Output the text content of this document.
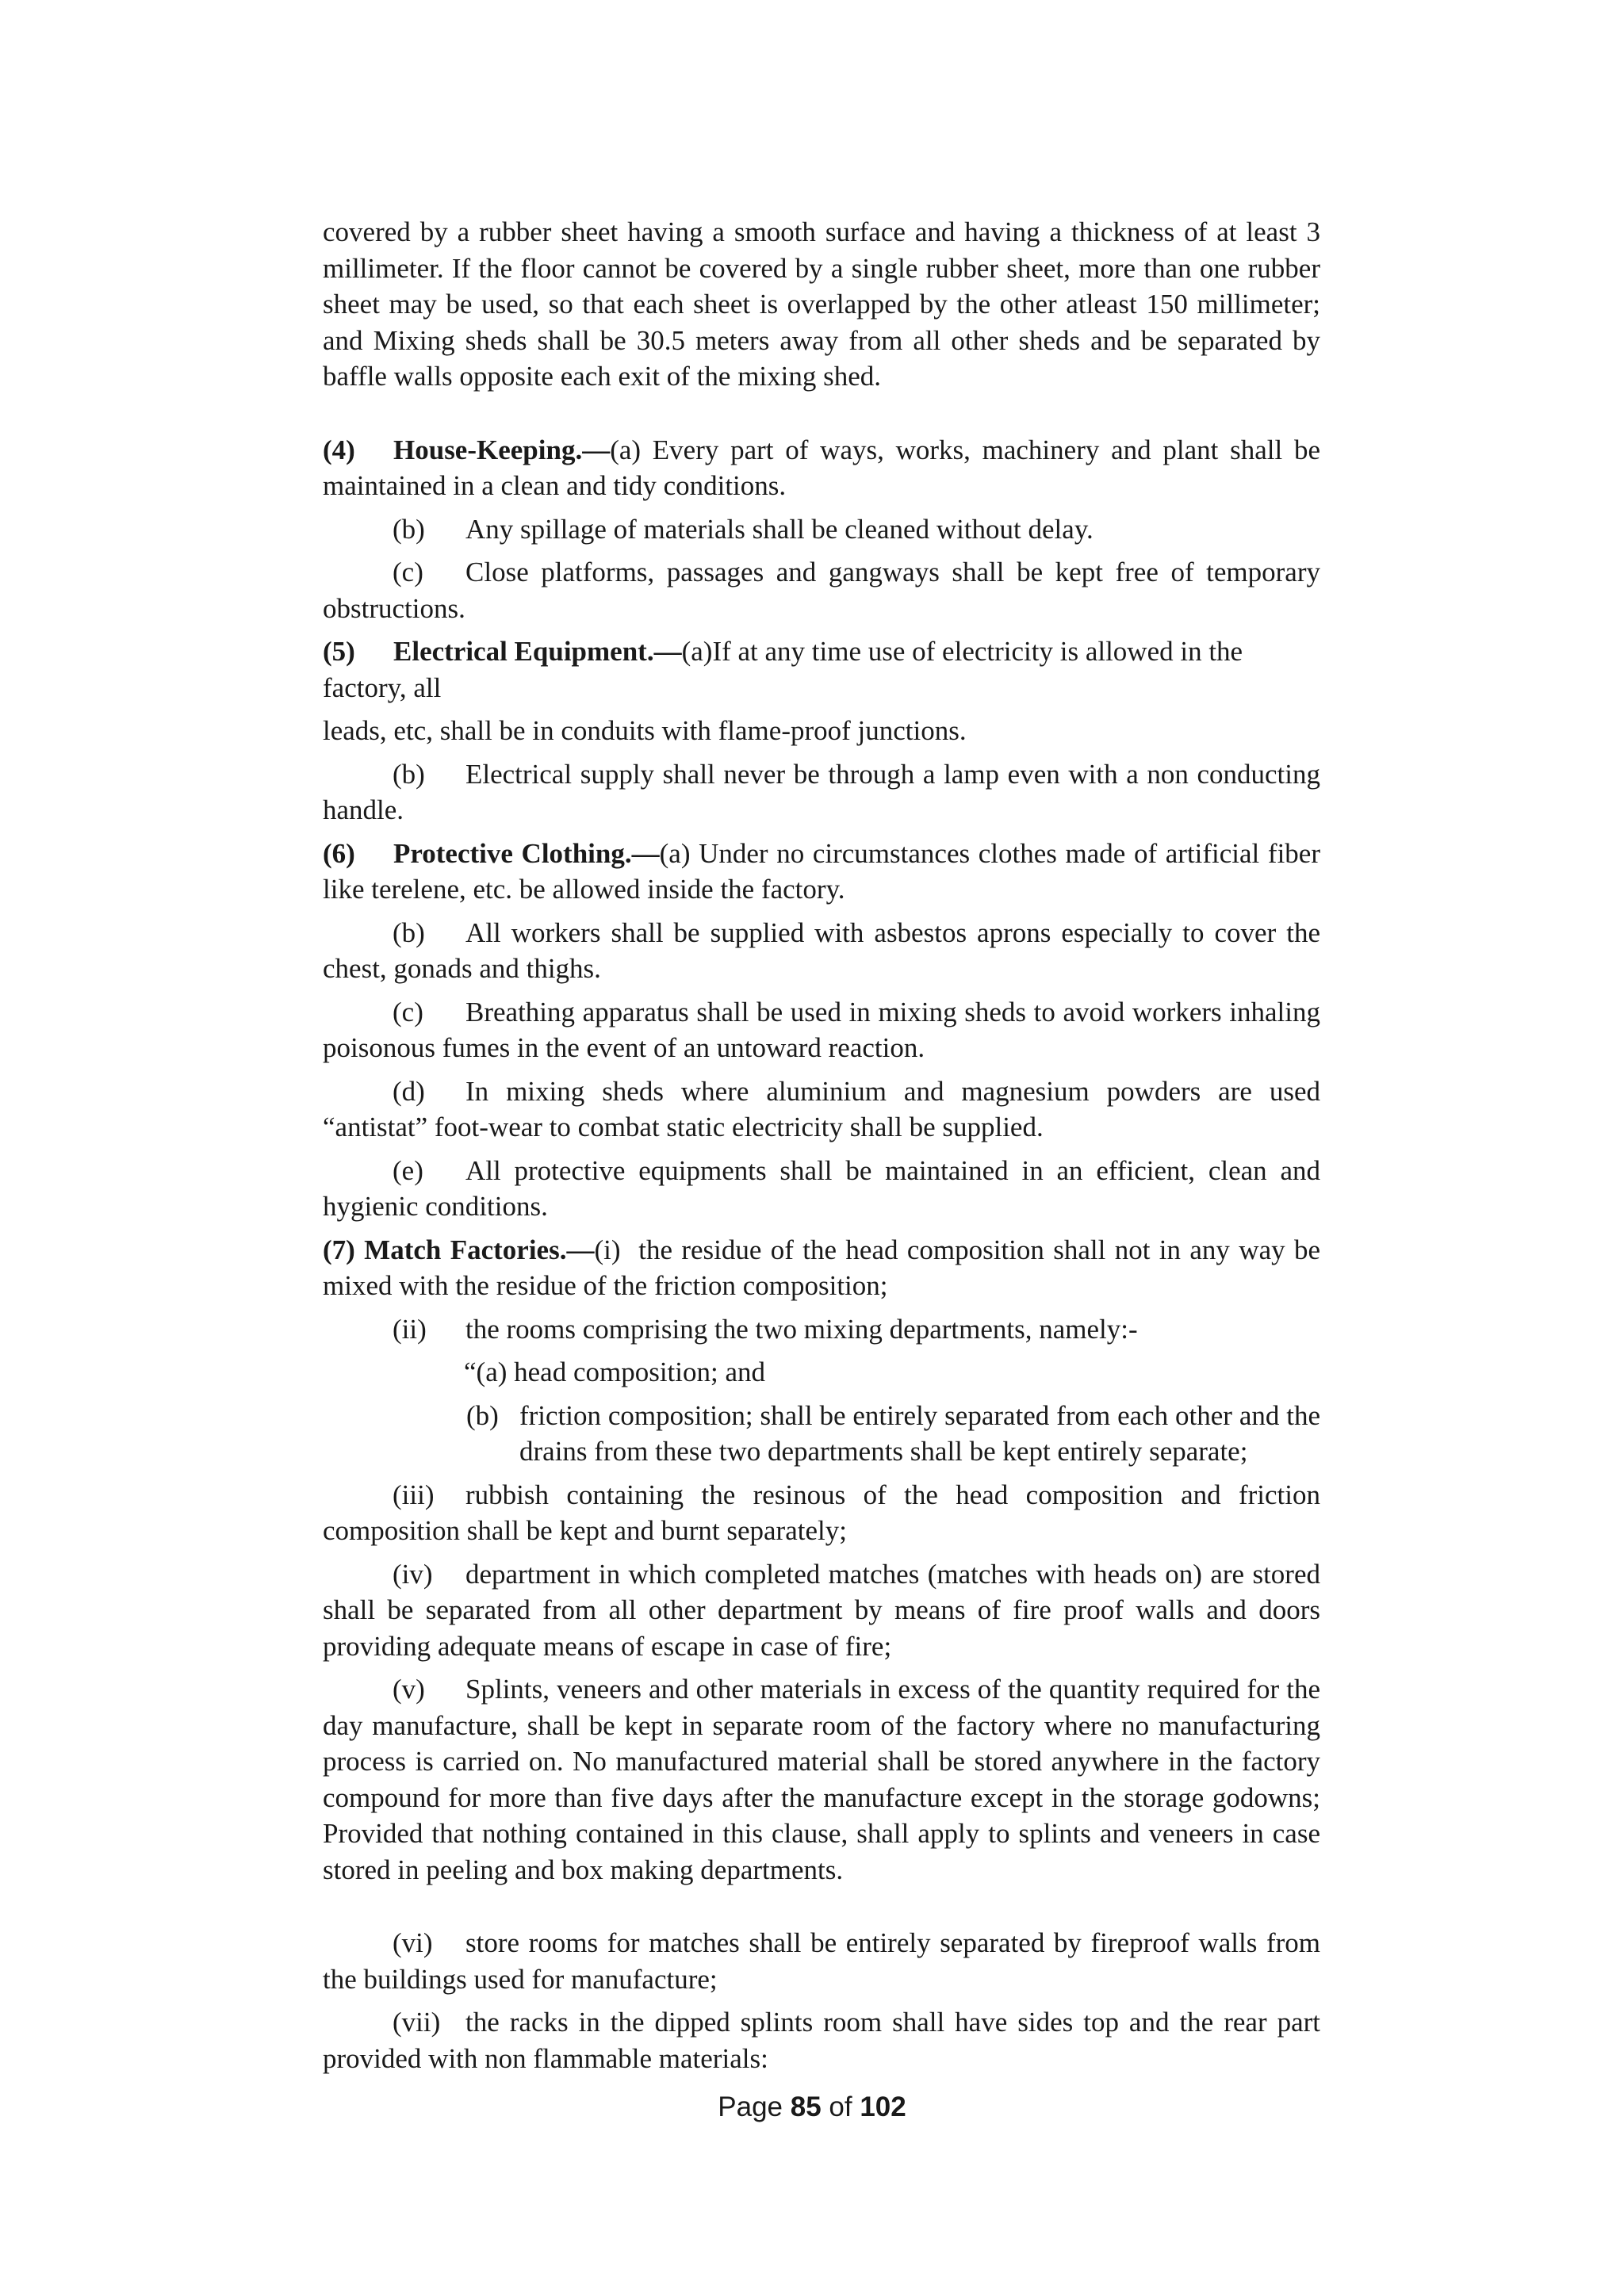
covered by a rubber sheet having a smooth surface and having a thickness of at least 3 millimeter. If the floor cannot be covered by a single rubber sheet, more than one rubber sheet may be used, so that each sheet is overlapped by the other atleast 150 millimeter; and Mixing sheds shall be 30.5 meters away from all other sheds and be separated by baffle walls opposite each exit of the mixing shed.

(4) House-Keeping.—(a) Every part of ways, works, machinery and plant shall be maintained in a clean and tidy conditions.

(b) Any spillage of materials shall be cleaned without delay.

(c) Close platforms, passages and gangways shall be kept free of temporary obstructions.

(5) Electrical Equipment.—(a)If at any time use of electricity is allowed in the factory, all

leads, etc, shall be in conduits with flame-proof junctions.

(b) Electrical supply shall never be through a lamp even with a non conducting handle.

(6) Protective Clothing.—(a) Under no circumstances clothes made of artificial fiber like terelene, etc. be allowed inside the factory.

(b) All workers shall be supplied with asbestos aprons especially to cover the chest, gonads and thighs.

(c) Breathing apparatus shall be used in mixing sheds to avoid workers inhaling   poisonous fumes in the event of an untoward reaction.

(d) In mixing sheds where aluminium and magnesium powders are used “antistat” foot-wear to combat static electricity shall be supplied.

(e) All protective equipments shall be maintained in an efficient, clean and hygienic conditions.

(7) Match Factories.—(i)  the residue of the head composition shall not in any way be mixed with the residue of the friction composition;

(ii) the rooms comprising the two mixing departments, namely:-

“(a) head composition; and

(b) friction composition; shall be entirely separated from each other and the drains from these two departments shall be kept entirely separate;

(iii) rubbish containing the resinous of the head composition and friction composition shall be kept and burnt separately;

(iv) department in which completed matches (matches with heads on) are stored shall be separated from all other department by means of fire proof walls and doors providing adequate means of escape in case of fire;

(v) Splints, veneers and other materials in excess of the quantity required for the day manufacture, shall be kept in separate room of the factory where no manufacturing process is carried on. No manufactured material shall be stored anywhere in the factory compound for more than five days after the manufacture except in the storage godowns; Provided that nothing contained in this clause, shall apply to splints and veneers in case stored in peeling and box making departments.

(vi) store rooms for matches shall be entirely separated by fireproof walls from the buildings used for manufacture;

(vii) the racks in the dipped splints room shall have sides top and the rear part provided with non flammable materials:

Page 85 of 102
